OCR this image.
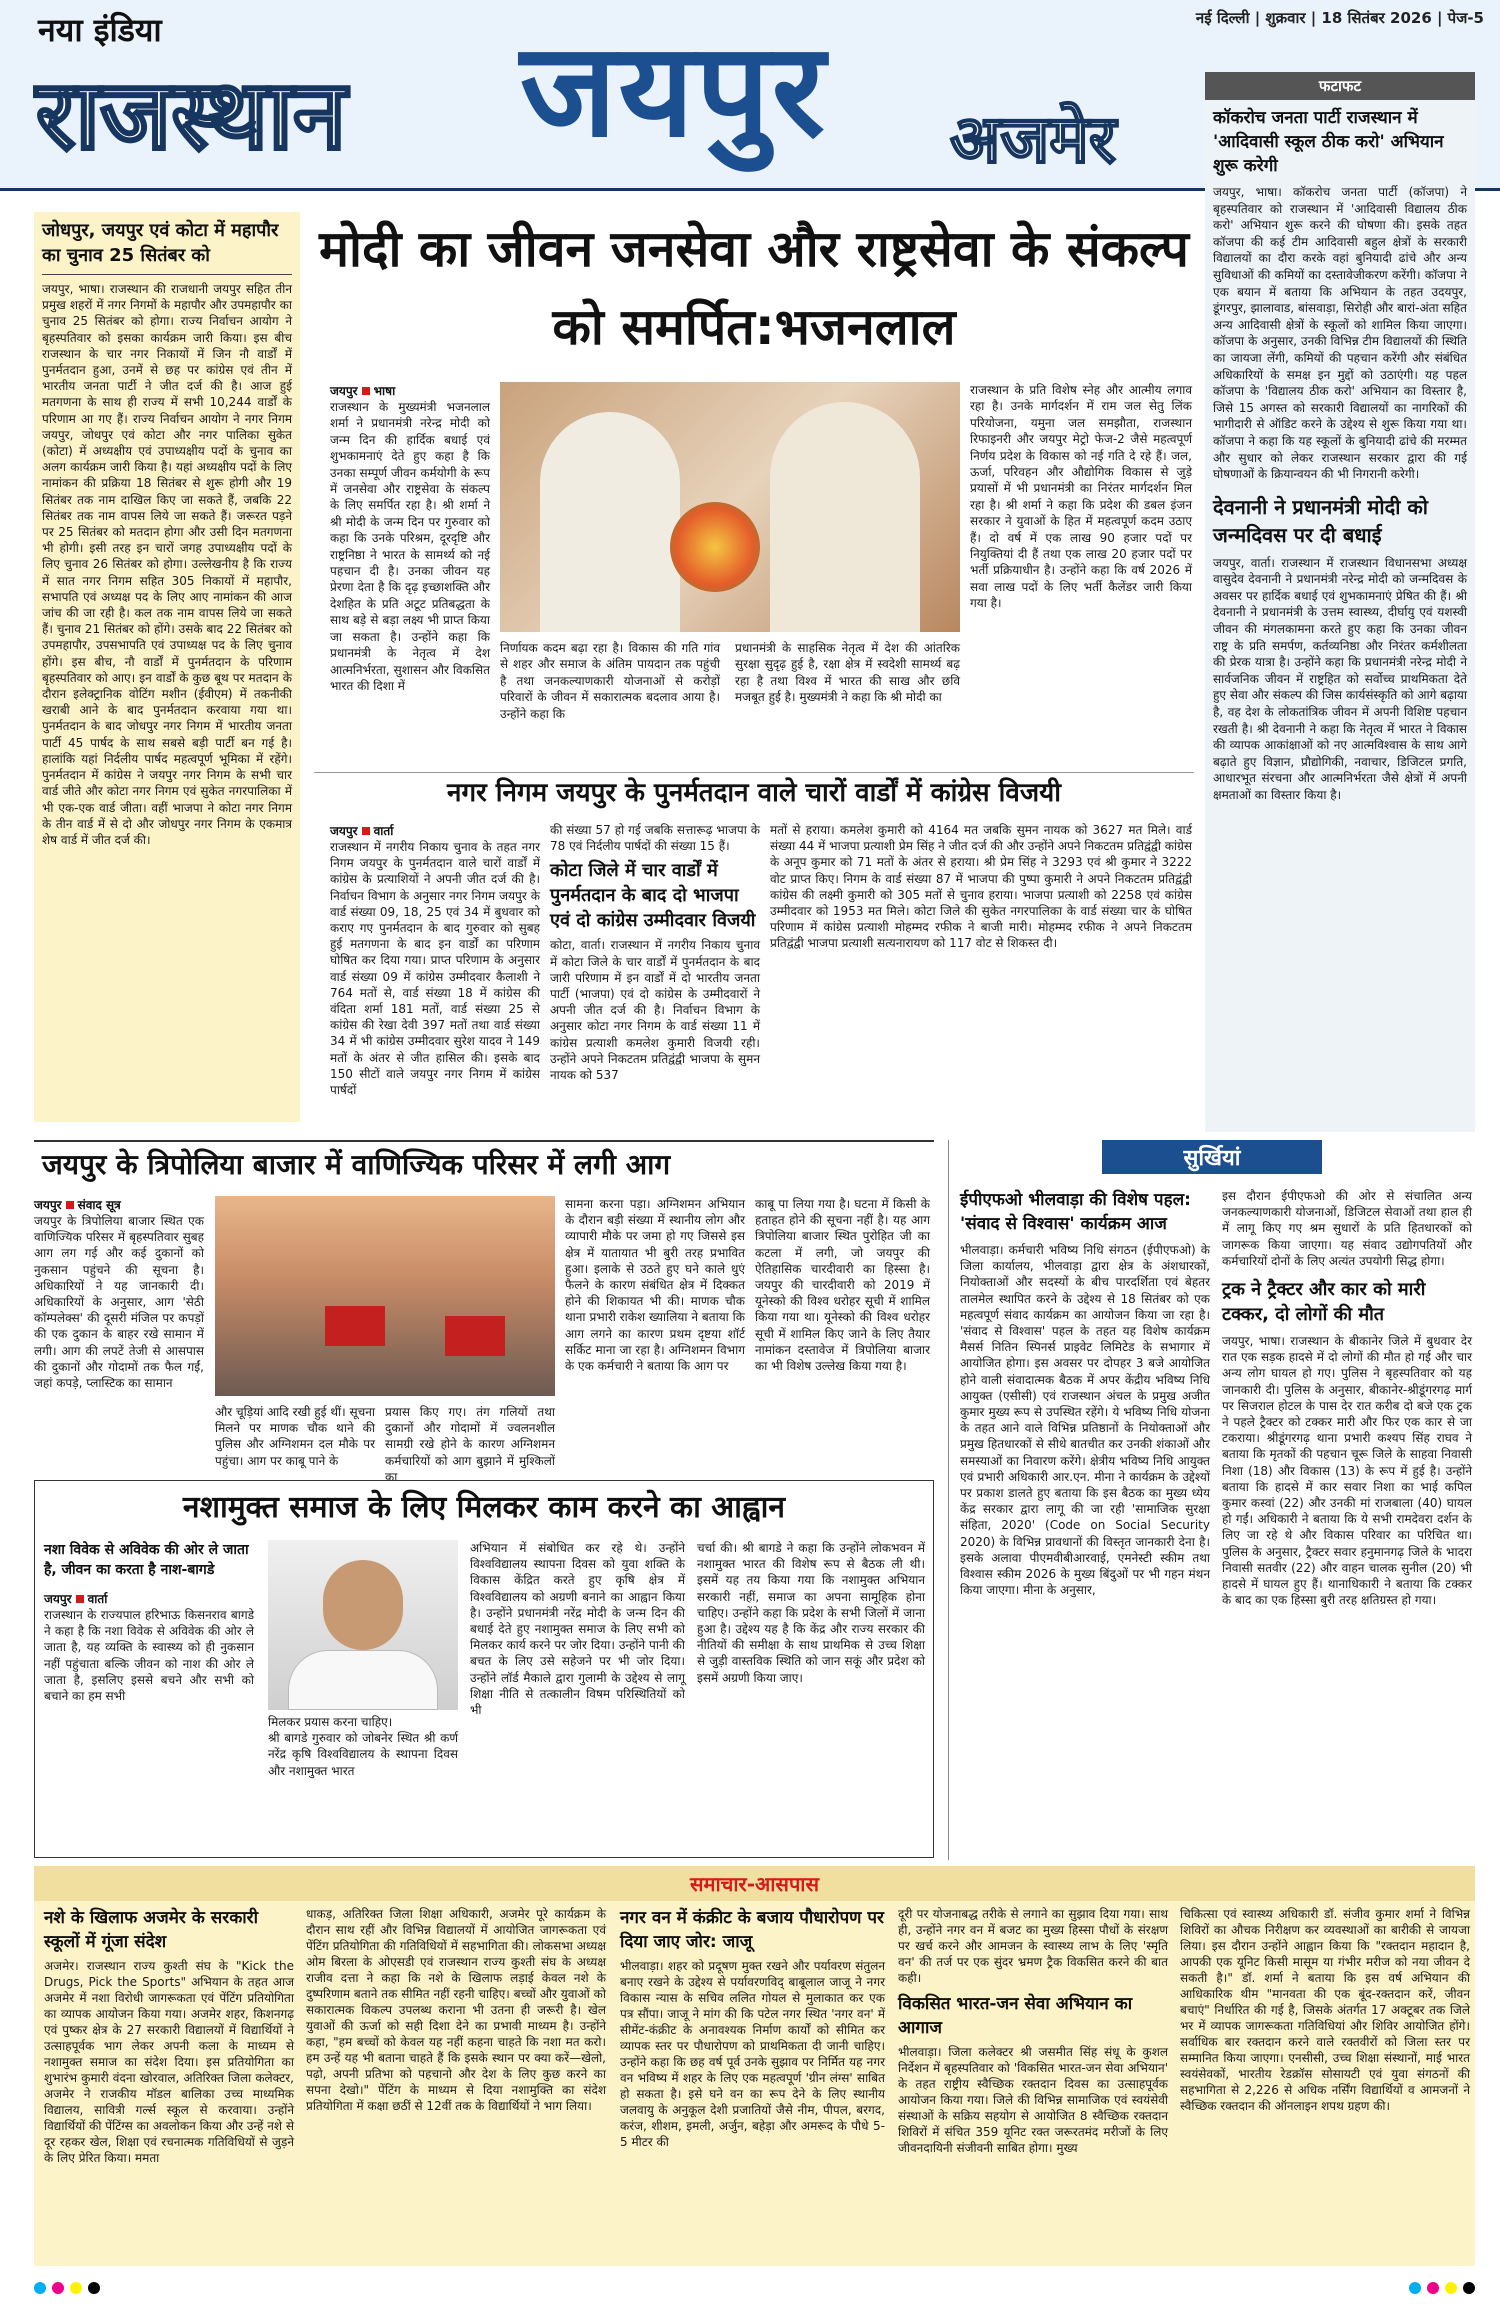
नया इंडिया
राजस्थान जयपुर अजमेर
नई दिल्ली | शुक्रवार | 18 सितंबर 2026 | पेज-5
फटाफट
कॉकरोच जनता पार्टी राजस्थान में 'आदिवासी स्कूल ठीक करो' अभियान शुरू करेगी
जयपुर, भाषा। कॉकरोच जनता पार्टी (कॉजपा) ने बृहस्पतिवार को राजस्थान में 'आदिवासी विद्यालय ठीक करो' अभियान शुरू करने की घोषणा की। इसके तहत कॉजपा की कई टीम आदिवासी बहुल क्षेत्रों के सरकारी विद्यालयों का दौरा करके वहां बुनियादी ढांचे और अन्य सुविधाओं की कमियों का दस्तावेजीकरण करेंगी। कॉजपा ने एक बयान में बताया कि अभियान के तहत उदयपुर, डूंगरपुर, झालावाड, बांसवाड़ा, सिरोही और बारां-अंता सहित अन्य आदिवासी क्षेत्रों के स्कूलों को शामिल किया जाएगा। कॉजपा के अनुसार, उनकी विभिन्न टीम विद्यालयों की स्थिति का जायजा लेंगी, कमियों की पहचान करेंगी और संबंधित अधिकारियों के समक्ष इन मुद्दों को उठाएंगी। यह पहल कॉजपा के 'विद्यालय ठीक करो' अभियान का विस्तार है, जिसे 15 अगस्त को सरकारी विद्यालयों का नागरिकों की भागीदारी से ऑडिट करने के उद्देश्य से शुरू किया गया था। कॉजपा ने कहा कि यह स्कूलों के बुनियादी ढांचे की मरम्मत और सुधार को लेकर राजस्थान सरकार द्वारा की गई घोषणाओं के क्रियान्वयन की भी निगरानी करेगी।
देवनानी ने प्रधानमंत्री मोदी को जन्मदिवस पर दी बधाई
जयपुर, वार्ता। राजस्थान में राजस्थान विधानसभा अध्यक्ष वासुदेव देवनानी ने प्रधानमंत्री नरेन्द्र मोदी को जन्मदिवस के अवसर पर हार्दिक बधाई एवं शुभकामनाएं प्रेषित की हैं। श्री देवनानी ने प्रधानमंत्री के उत्तम स्वास्थ्य, दीर्घायु एवं यशस्वी जीवन की मंगलकामना करते हुए कहा कि उनका जीवन राष्ट्र के प्रति समर्पण, कर्तव्यनिष्ठा और निरंतर कर्मशीलता की प्रेरक यात्रा है। उन्होंने कहा कि प्रधानमंत्री नरेन्द्र मोदी ने सार्वजनिक जीवन में राष्ट्रहित को सर्वोच्च प्राथमिकता देते हुए सेवा और संकल्प की जिस कार्यसंस्कृति को आगे बढ़ाया है, वह देश के लोकतांत्रिक जीवन में अपनी विशिष्ट पहचान रखती है। श्री देवनानी ने कहा कि नेतृत्व में भारत ने विकास की व्यापक आकांक्षाओं को नए आत्मविश्वास के साथ आगे बढ़ाते हुए विज्ञान, प्रौद्योगिकी, नवाचार, डिजिटल प्रगति, आधारभूत संरचना और आत्मनिर्भरता जैसे क्षेत्रों में अपनी क्षमताओं का विस्तार किया है।
जोधपुर, जयपुर एवं कोटा में महापौर का चुनाव 25 सितंबर को
जयपुर, भाषा। राजस्थान की राजधानी जयपुर सहित तीन प्रमुख शहरों में नगर निगमों के महापौर और उपमहापौर का चुनाव 25 सितंबर को होगा। राज्य निर्वाचन आयोग ने बृहस्पतिवार को इसका कार्यक्रम जारी किया। इस बीच राजस्थान के चार नगर निकायों में जिन नौ वार्डों में पुनर्मतदान हुआ, उनमें से छह पर कांग्रेस एवं तीन में भारतीय जनता पार्टी ने जीत दर्ज की है। आज हुई मतगणना के साथ ही राज्य में सभी 10,244 वार्डों के परिणाम आ गए हैं। राज्य निर्वाचन आयोग ने नगर निगम जयपुर, जोधपुर एवं कोटा और नगर पालिका सुकेत (कोटा) में अध्यक्षीय एवं उपाध्यक्षीय पदों के चुनाव का अलग कार्यक्रम जारी किया है। यहां अध्यक्षीय पदों के लिए नामांकन की प्रक्रिया 18 सितंबर से शुरू होगी और 19 सितंबर तक नाम दाखिल किए जा सकते हैं, जबकि 22 सितंबर तक नाम वापस लिये जा सकते हैं। जरूरत पड़ने पर 25 सितंबर को मतदान होगा और उसी दिन मतगणना भी होगी। इसी तरह इन चारों जगह उपाध्यक्षीय पदों के लिए चुनाव 26 सितंबर को होगा। उल्लेखनीय है कि राज्य में सात नगर निगम सहित 305 निकायों में महापौर, सभापति एवं अध्यक्ष पद के लिए आए नामांकन की आज जांच की जा रही है। कल तक नाम वापस लिये जा सकते हैं। चुनाव 21 सितंबर को होंगे। उसके बाद 22 सितंबर को उपमहापौर, उपसभापति एवं उपाध्यक्ष पद के लिए चुनाव होंगे। इस बीच, नौ वार्डों में पुनर्मतदान के परिणाम बृहस्पतिवार को आए। इन वार्डों के कुछ बूथ पर मतदान के दौरान इलेक्ट्रानिक वोटिंग मशीन (ईवीएम) में तकनीकी खराबी आने के बाद पुनर्मतदान करवाया गया था। पुनर्मतदान के बाद जोधपुर नगर निगम में भारतीय जनता पार्टी 45 पार्षद के साथ सबसे बड़ी पार्टी बन गई है। हालांकि यहां निर्दलीय पार्षद महत्वपूर्ण भूमिका में रहेंगे। पुनर्मतदान में कांग्रेस ने जयपुर नगर निगम के सभी चार वार्ड जीते और कोटा नगर निगम एवं सुकेत नगरपालिका में भी एक-एक वार्ड जीता। वहीं भाजपा ने कोटा नगर निगम के तीन वार्ड में से दो और जोधपुर नगर निगम के एकमात्र शेष वार्ड में जीत दर्ज की।
मोदी का जीवन जनसेवा और राष्ट्रसेवा के संकल्प को समर्पित:भजनलाल
जयपुर भाषा
राजस्थान के मुख्यमंत्री भजनलाल शर्मा ने प्रधानमंत्री नरेन्द्र मोदी को जन्म दिन की हार्दिक बधाई एवं शुभकामनाएं देते हुए कहा है कि उनका सम्पूर्ण जीवन कर्मयोगी के रूप में जनसेवा और राष्ट्रसेवा के संकल्प के लिए समर्पित रहा है। श्री शर्मा ने श्री मोदी के जन्म दिन पर गुरुवार को कहा कि उनके परिश्रम, दूरदृष्टि और राष्ट्रनिष्ठा ने भारत के सामर्थ्य को नई पहचान दी है। उनका जीवन यह प्रेरणा देता है कि दृढ़ इच्छाशक्ति और देशहित के प्रति अटूट प्रतिबद्धता के साथ बड़े से बड़ा लक्ष्य भी प्राप्त किया जा सकता है। उन्होंने कहा कि प्रधानमंत्री के नेतृत्व में देश आत्मनिर्भरता, सुशासन और विकसित भारत की दिशा में
निर्णायक कदम बढ़ा रहा है। विकास की गति गांव से शहर और समाज के अंतिम पायदान तक पहुंची है तथा जनकल्याणकारी योजनाओं से करोड़ों परिवारों के जीवन में सकारात्मक बदलाव आया है। उन्होंने कहा कि
प्रधानमंत्री के साहसिक नेतृत्व में देश की आंतरिक सुरक्षा सुदृढ़ हुई है, रक्षा क्षेत्र में स्वदेशी सामर्थ्य बढ़ रहा है तथा विश्व में भारत की साख और छवि मजबूत हुई है। मुख्यमंत्री ने कहा कि श्री मोदी का
राजस्थान के प्रति विशेष स्नेह और आत्मीय लगाव रहा है। उनके मार्गदर्शन में राम जल सेतु लिंक परियोजना, यमुना जल समझौता, राजस्थान रिफाइनरी और जयपुर मेट्रो फेज-2 जैसे महत्वपूर्ण निर्णय प्रदेश के विकास को नई गति दे रहे हैं। जल, ऊर्जा, परिवहन और औद्योगिक विकास से जुड़े प्रयासों में भी प्रधानमंत्री का निरंतर मार्गदर्शन मिल रहा है। श्री शर्मा ने कहा कि प्रदेश की डबल इंजन सरकार ने युवाओं के हित में महत्वपूर्ण कदम उठाए हैं। दो वर्ष में एक लाख 90 हजार पदों पर नियुक्तियां दी हैं तथा एक लाख 20 हजार पदों पर भर्ती प्रक्रियाधीन है। उन्होंने कहा कि वर्ष 2026 में सवा लाख पदों के लिए भर्ती कैलेंडर जारी किया गया है।
नगर निगम जयपुर के पुनर्मतदान वाले चारों वार्डों में कांग्रेस विजयी
जयपुर वार्ता
राजस्थान में नगरीय निकाय चुनाव के तहत नगर निगम जयपुर के पुनर्मतदान वाले चारों वार्डों में कांग्रेस के प्रत्याशियों ने अपनी जीत दर्ज की है। निर्वाचन विभाग के अनुसार नगर निगम जयपुर के वार्ड संख्या 09, 18, 25 एवं 34 में बुधवार को कराए गए पुनर्मतदान के बाद गुरुवार को सुबह हुई मतगणना के बाद इन वार्डों का परिणाम घोषित कर दिया गया। प्राप्त परिणाम के अनुसार वार्ड संख्या 09 में कांग्रेस उम्मीदवार कैलाशी ने 764 मतों से, वार्ड संख्या 18 में कांग्रेस की वंदिता शर्मा 181 मतों, वार्ड संख्या 25 से कांग्रेस की रेखा देवी 397 मतों तथा वार्ड संख्या 34 में भी कांग्रेस उम्मीदवार सुरेश यादव ने 149 मतों के अंतर से जीत हासिल की। इसके बाद 150 सीटों वाले जयपुर नगर निगम में कांग्रेस पार्षदों
की संख्या 57 हो गई जबकि सत्तारूढ़ भाजपा के 78 एवं निर्दलीय पार्षदों की संख्या 15 हैं।
कोटा जिले में चार वार्डों में पुनर्मतदान के बाद दो भाजपा एवं दो कांग्रेस उम्मीदवार विजयी
कोटा, वार्ता। राजस्थान में नगरीय निकाय चुनाव में कोटा जिले के चार वार्डों में पुनर्मतदान के बाद जारी परिणाम में इन वार्डों में दो भारतीय जनता पार्टी (भाजपा) एवं दो कांग्रेस के उम्मीदवारों ने अपनी जीत दर्ज की है। निर्वाचन विभाग के अनुसार कोटा नगर निगम के वार्ड संख्या 11 में कांग्रेस प्रत्याशी कमलेश कुमारी विजयी रही। उन्होंने अपने निकटतम प्रतिद्वंद्वी भाजपा के सुमन नायक को 537
मतों से हराया। कमलेश कुमारी को 4164 मत जबकि सुमन नायक को 3627 मत मिले। वार्ड संख्या 44 में भाजपा प्रत्याशी प्रेम सिंह ने जीत दर्ज की और उन्होंने अपने निकटतम प्रतिद्वंद्वी कांग्रेस के अनूप कुमार को 71 मतों के अंतर से हराया। श्री प्रेम सिंह ने 3293 एवं श्री कुमार ने 3222 वोट प्राप्त किए। निगम के वार्ड संख्या 87 में भाजपा की पुष्पा कुमारी ने अपने निकटतम प्रतिद्वंद्वी कांग्रेस की लक्ष्मी कुमारी को 305 मतों से चुनाव हराया। भाजपा प्रत्याशी को 2258 एवं कांग्रेस उम्मीदवार को 1953 मत मिले। कोटा जिले की सुकेत नगरपालिका के वार्ड संख्या चार के घोषित परिणाम में कांग्रेस प्रत्याशी मोहम्मद रफीक ने बाजी मारी। मोहम्मद रफीक ने अपने निकटतम प्रतिद्वंद्वी भाजपा प्रत्याशी सत्यनारायण को 117 वोट से शिकस्त दी।
जयपुर के त्रिपोलिया बाजार में वाणिज्यिक परिसर में लगी आग
जयपुर संवाद सूत्र
जयपुर के त्रिपोलिया बाजार स्थित एक वाणिज्यिक परिसर में बृहस्पतिवार सुबह आग लग गई और कई दुकानों को नुकसान पहुंचने की सूचना है। अधिकारियों ने यह जानकारी दी। अधिकारियों के अनुसार, आग 'सेठी कॉम्पलेक्स' की दूसरी मंजिल पर कपड़ों की एक दुकान के बाहर रखे सामान में लगी। आग की लपटें तेजी से आसपास की दुकानों और गोदामों तक फैल गईं, जहां कपड़े, प्लास्टिक का सामान
और चूड़ियां आदि रखी हुई थीं। सूचना मिलने पर माणक चौक थाने की पुलिस और अग्निशमन दल मौके पर पहुंचा। आग पर काबू पाने के
प्रयास किए गए। तंग गलियों तथा दुकानों और गोदामों में ज्वलनशील सामग्री रखे होने के कारण अग्निशमन कर्मचारियों को आग बुझाने में मुश्किलों का
सामना करना पड़ा। अग्निशमन अभियान के दौरान बड़ी संख्या में स्थानीय लोग और व्यापारी मौके पर जमा हो गए जिससे इस क्षेत्र में यातायात भी बुरी तरह प्रभावित हुआ। इलाके से उठते हुए घने काले धुएं फैलने के कारण संबंधित क्षेत्र में दिक्कत होने की शिकायत भी की। माणक चौक थाना प्रभारी राकेश ख्यालिया ने बताया कि आग लगने का कारण प्रथम दृष्टया शॉर्ट सर्किट माना जा रहा है। अग्निशमन विभाग के एक कर्मचारी ने बताया कि आग पर
काबू पा लिया गया है। घटना में किसी के हताहत होने की सूचना नहीं है। यह आग त्रिपोलिया बाजार स्थित पुरोहित जी का कटला में लगी, जो जयपुर की ऐतिहासिक चारदीवारी का हिस्सा है। जयपुर की चारदीवारी को 2019 में यूनेस्को की विश्व धरोहर सूची में शामिल किया गया था। यूनेस्को की विश्व धरोहर सूची में शामिल किए जाने के लिए तैयार नामांकन दस्तावेज में त्रिपोलिया बाजार का भी विशेष उल्लेख किया गया है।
सुर्खियां
ईपीएफओ भीलवाड़ा की विशेष पहल: 'संवाद से विश्वास' कार्यक्रम आज
भीलवाड़ा। कर्मचारी भविष्य निधि संगठन (ईपीएफओ) के जिला कार्यालय, भीलवाड़ा द्वारा क्षेत्र के अंशधारकों, नियोक्ताओं और सदस्यों के बीच पारदर्शिता एवं बेहतर तालमेल स्थापित करने के उद्देश्य से 18 सितंबर को एक महत्वपूर्ण संवाद कार्यक्रम का आयोजन किया जा रहा है। 'संवाद से विश्वास' पहल के तहत यह विशेष कार्यक्रम मैसर्स नितिन स्पिनर्स प्राइवेट लिमिटेड के सभागार में आयोजित होगा। इस अवसर पर दोपहर 3 बजे आयोजित होने वाली संवादात्मक बैठक में अपर केंद्रीय भविष्य निधि आयुक्त (एसीसी) एवं राजस्थान अंचल के प्रमुख अजीत कुमार मुख्य रूप से उपस्थित रहेंगे। ये भविष्य निधि योजना के तहत आने वाले विभिन्न प्रतिष्ठानों के नियोक्ताओं और प्रमुख हितधारकों से सीधे बातचीत कर उनकी शंकाओं और समस्याओं का निवारण करेंगे। क्षेत्रीय भविष्य निधि आयुक्त एवं प्रभारी अधिकारी आर.एन. मीना ने कार्यक्रम के उद्देश्यों पर प्रकाश डालते हुए बताया कि इस बैठक का मुख्य ध्येय केंद्र सरकार द्वारा लागू की जा रही 'सामाजिक सुरक्षा संहिता, 2020' (Code on Social Security 2020) के विभिन्न प्रावधानों की विस्तृत जानकारी देना है। इसके अलावा पीएमवीबीआरवाई, एमनेस्टी स्कीम तथा विश्वास स्कीम 2026 के मुख्य बिंदुओं पर भी गहन मंथन किया जाएगा। मीना के अनुसार,
इस दौरान ईपीएफओ की ओर से संचालित अन्य जनकल्याणकारी योजनाओं, डिजिटल सेवाओं तथा हाल ही में लागू किए गए श्रम सुधारों के प्रति हितधारकों को जागरूक किया जाएगा। यह संवाद उद्योगपतियों और कर्मचारियों दोनों के लिए अत्यंत उपयोगी सिद्ध होगा।
ट्रक ने ट्रैक्टर और कार को मारी टक्कर, दो लोगों की मौत
जयपुर, भाषा। राजस्थान के बीकानेर जिले में बुधवार देर रात एक सड़क हादसे में दो लोगों की मौत हो गई और चार अन्य लोग घायल हो गए। पुलिस ने बृहस्पतिवार को यह जानकारी दी। पुलिस के अनुसार, बीकानेर-श्रीडूंगरगढ़ मार्ग पर सिजराल होटल के पास देर रात करीब दो बजे एक ट्रक ने पहले ट्रैक्टर को टक्कर मारी और फिर एक कार से जा टकराया। श्रीडूंगरगढ़ थाना प्रभारी कश्यप सिंह राघव ने बताया कि मृतकों की पहचान चूरू जिले के साहवा निवासी निशा (18) और विकास (13) के रूप में हुई है। उन्होंने बताया कि हादसे में कार सवार निशा का भाई कपिल कुमार कस्वां (22) और उनकी मां राजबाला (40) घायल हो गईं। अधिकारी ने बताया कि ये सभी रामदेवरा दर्शन के लिए जा रहे थे और विकास परिवार का परिचित था। पुलिस के अनुसार, ट्रैक्टर सवार हनुमानगढ़ जिले के भादरा निवासी सतवीर (22) और वाहन चालक सुनील (20) भी हादसे में घायल हुए हैं। थानाधिकारी ने बताया कि टक्कर के बाद का एक हिस्सा बुरी तरह क्षतिग्रस्त हो गया।
नशामुक्त समाज के लिए मिलकर काम करने का आह्वान
नशा विवेक से अविवेक की ओर ले जाता है, जीवन का करता है नाश-बागडे
जयपुर वार्ता
राजस्थान के राज्यपाल हरिभाऊ किसनराव बागडे ने कहा है कि नशा विवेक से अविवेक की ओर ले जाता है, यह व्यक्ति के स्वास्थ्य को ही नुकसान नहीं पहुंचाता बल्कि जीवन को नाश की ओर ले जाता है, इसलिए इससे बचने और सभी को बचाने का हम सभी
मिलकर प्रयास करना चाहिए।
श्री बागडे गुरुवार को जोबनेर स्थित श्री कर्ण नरेंद्र कृषि विश्वविद्यालय के स्थापना दिवस और नशामुक्त भारत
अभियान में संबोधित कर रहे थे। उन्होंने विश्वविद्यालय स्थापना दिवस को युवा शक्ति के विकास केंद्रित करते हुए कृषि क्षेत्र में विश्वविद्यालय को अग्रणी बनाने का आह्वान किया है। उन्होंने प्रधानमंत्री नरेंद्र मोदी के जन्म दिन की बधाई देते हुए नशामुक्त समाज के लिए सभी को मिलकर कार्य करने पर जोर दिया। उन्होंने पानी की बचत के लिए उसे सहेजने पर भी जोर दिया। उन्होंने लॉर्ड मैकाले द्वारा गुलामी के उद्देश्य से लागू शिक्षा नीति से तत्कालीन विषम परिस्थितियों को भी
चर्चा की। श्री बागडे ने कहा कि उन्होंने लोकभवन में नशामुक्त भारत की विशेष रूप से बैठक ली थी। इसमें यह तय किया गया कि नशामुक्त अभियान सरकारी नहीं, समाज का अपना सामूहिक होना चाहिए। उन्होंने कहा कि प्रदेश के सभी जिलों में जाना हुआ है। उद्देश्य यह है कि केंद्र और राज्य सरकार की नीतियों की समीक्षा के साथ प्राथमिक से उच्च शिक्षा से जुड़ी वास्तविक स्थिति को जान सकूं और प्रदेश को इसमें अग्रणी किया जाए।
समाचार-आसपास
नशे के खिलाफ अजमेर के सरकारी स्कूलों में गूंजा संदेश
अजमेर। राजस्थान राज्य कुश्ती संघ के "Kick the Drugs, Pick the Sports" अभियान के तहत आज अजमेर में नशा विरोधी जागरूकता एवं पेंटिंग प्रतियोगिता का व्यापक आयोजन किया गया। अजमेर शहर, किशनगढ़ एवं पुष्कर क्षेत्र के 27 सरकारी विद्यालयों में विद्यार्थियों ने उत्साहपूर्वक भाग लेकर अपनी कला के माध्यम से नशामुक्त समाज का संदेश दिया। इस प्रतियोगिता का शुभारंभ कुमारी वंदना खोरवाल, अतिरिक्त जिला कलेक्टर, अजमेर ने राजकीय मॉडल बालिका उच्च माध्यमिक विद्यालय, सावित्री गर्ल्स स्कूल से करवाया। उन्होंने विद्यार्थियों की पेंटिंग्स का अवलोकन किया और उन्हें नशे से दूर रहकर खेल, शिक्षा एवं रचनात्मक गतिविधियों से जुड़ने के लिए प्रेरित किया। ममता
धाकड़, अतिरिक्त जिला शिक्षा अधिकारी, अजमेर पूरे कार्यक्रम के दौरान साथ रहीं और विभिन्न विद्यालयों में आयोजित जागरूकता एवं पेंटिंग प्रतियोगिता की गतिविधियों में सहभागिता की। लोकसभा अध्यक्ष ओम बिरला के ओएसडी एवं राजस्थान राज्य कुश्ती संघ के अध्यक्ष राजीव दत्ता ने कहा कि नशे के खिलाफ लड़ाई केवल नशे के दुष्परिणाम बताने तक सीमित नहीं रहनी चाहिए। बच्चों और युवाओं को सकारात्मक विकल्प उपलब्ध कराना भी उतना ही जरूरी है। खेल युवाओं की ऊर्जा को सही दिशा देने का प्रभावी माध्यम है। उन्होंने कहा, "हम बच्चों को केवल यह नहीं कहना चाहते कि नशा मत करो। हम उन्हें यह भी बताना चाहते हैं कि इसके स्थान पर क्या करें—खेलो, पढ़ो, अपनी प्रतिभा को पहचानो और देश के लिए कुछ करने का सपना देखो।" पेंटिंग के माध्यम से दिया नशामुक्ति का संदेश प्रतियोगिता में कक्षा छठीं से 12वीं तक के विद्यार्थियों ने भाग लिया।
नगर वन में कंक्रीट के बजाय पौधारोपण पर दिया जाए जोर: जाजू
भीलवाड़ा। शहर को प्रदूषण मुक्त रखने और पर्यावरण संतुलन बनाए रखने के उद्देश्य से पर्यावरणविद् बाबूलाल जाजू ने नगर विकास न्यास के सचिव ललित गोयल से मुलाकात कर एक पत्र सौंपा। जाजू ने मांग की कि पटेल नगर स्थित 'नगर वन' में सीमेंट-कंक्रीट के अनावश्यक निर्माण कार्यों को सीमित कर व्यापक स्तर पर पौधारोपण को प्राथमिकता दी जानी चाहिए। उन्होंने कहा कि छह वर्ष पूर्व उनके सुझाव पर निर्मित यह नगर वन भविष्य में शहर के लिए एक महत्वपूर्ण 'ग्रीन लंग्स' साबित हो सकता है। इसे घने वन का रूप देने के लिए स्थानीय जलवायु के अनुकूल देशी प्रजातियों जैसे नीम, पीपल, बरगद, करंज, शीशम, इमली, अर्जुन, बहेड़ा और अमरूद के पौधे 5-5 मीटर की
दूरी पर योजनाबद्ध तरीके से लगाने का सुझाव दिया गया। साथ ही, उन्होंने नगर वन में बजट का मुख्य हिस्सा पौधों के संरक्षण पर खर्च करने और आमजन के स्वास्थ्य लाभ के लिए 'स्मृति वन' की तर्ज पर एक सुंदर भ्रमण ट्रैक विकसित करने की बात कही।
विकसित भारत-जन सेवा अभियान का आगाज
भीलवाड़ा। जिला कलेक्टर श्री जसमीत सिंह संधू के कुशल निर्देशन में बृहस्पतिवार को 'विकसित भारत-जन सेवा अभियान' के तहत राष्ट्रीय स्वैच्छिक रक्तदान दिवस का उत्साहपूर्वक आयोजन किया गया। जिले की विभिन्न सामाजिक एवं स्वयंसेवी संस्थाओं के सक्रिय सहयोग से आयोजित 8 स्वैच्छिक रक्तदान शिविरों में संचित 359 यूनिट रक्त जरूरतमंद मरीजों के लिए जीवनदायिनी संजीवनी साबित होगा। मुख्य
चिकित्सा एवं स्वास्थ्य अधिकारी डॉ. संजीव कुमार शर्मा ने विभिन्न शिविरों का औचक निरीक्षण कर व्यवस्थाओं का बारीकी से जायजा लिया। इस दौरान उन्होंने आह्वान किया कि "रक्तदान महादान है, आपकी एक यूनिट किसी मासूम या गंभीर मरीज को नया जीवन दे सकती है।" डॉ. शर्मा ने बताया कि इस वर्ष अभियान की आधिकारिक थीम "मानवता की एक बूंद-रक्तदान करें, जीवन बचाएं" निर्धारित की गई है, जिसके अंतर्गत 17 अक्टूबर तक जिले भर में व्यापक जागरूकता गतिविधियां और शिविर आयोजित होंगे। सर्वाधिक बार रक्तदान करने वाले रक्तवीरों को जिला स्तर पर सम्मानित किया जाएगा। एनसीसी, उच्च शिक्षा संस्थानों, माई भारत स्वयंसेवकों, भारतीय रेडक्रॉस सोसायटी एवं युवा संगठनों की सहभागिता से 2,226 से अधिक नर्सिंग विद्यार्थियों व आमजनों ने स्वैच्छिक रक्तदान की ऑनलाइन शपथ ग्रहण की।
